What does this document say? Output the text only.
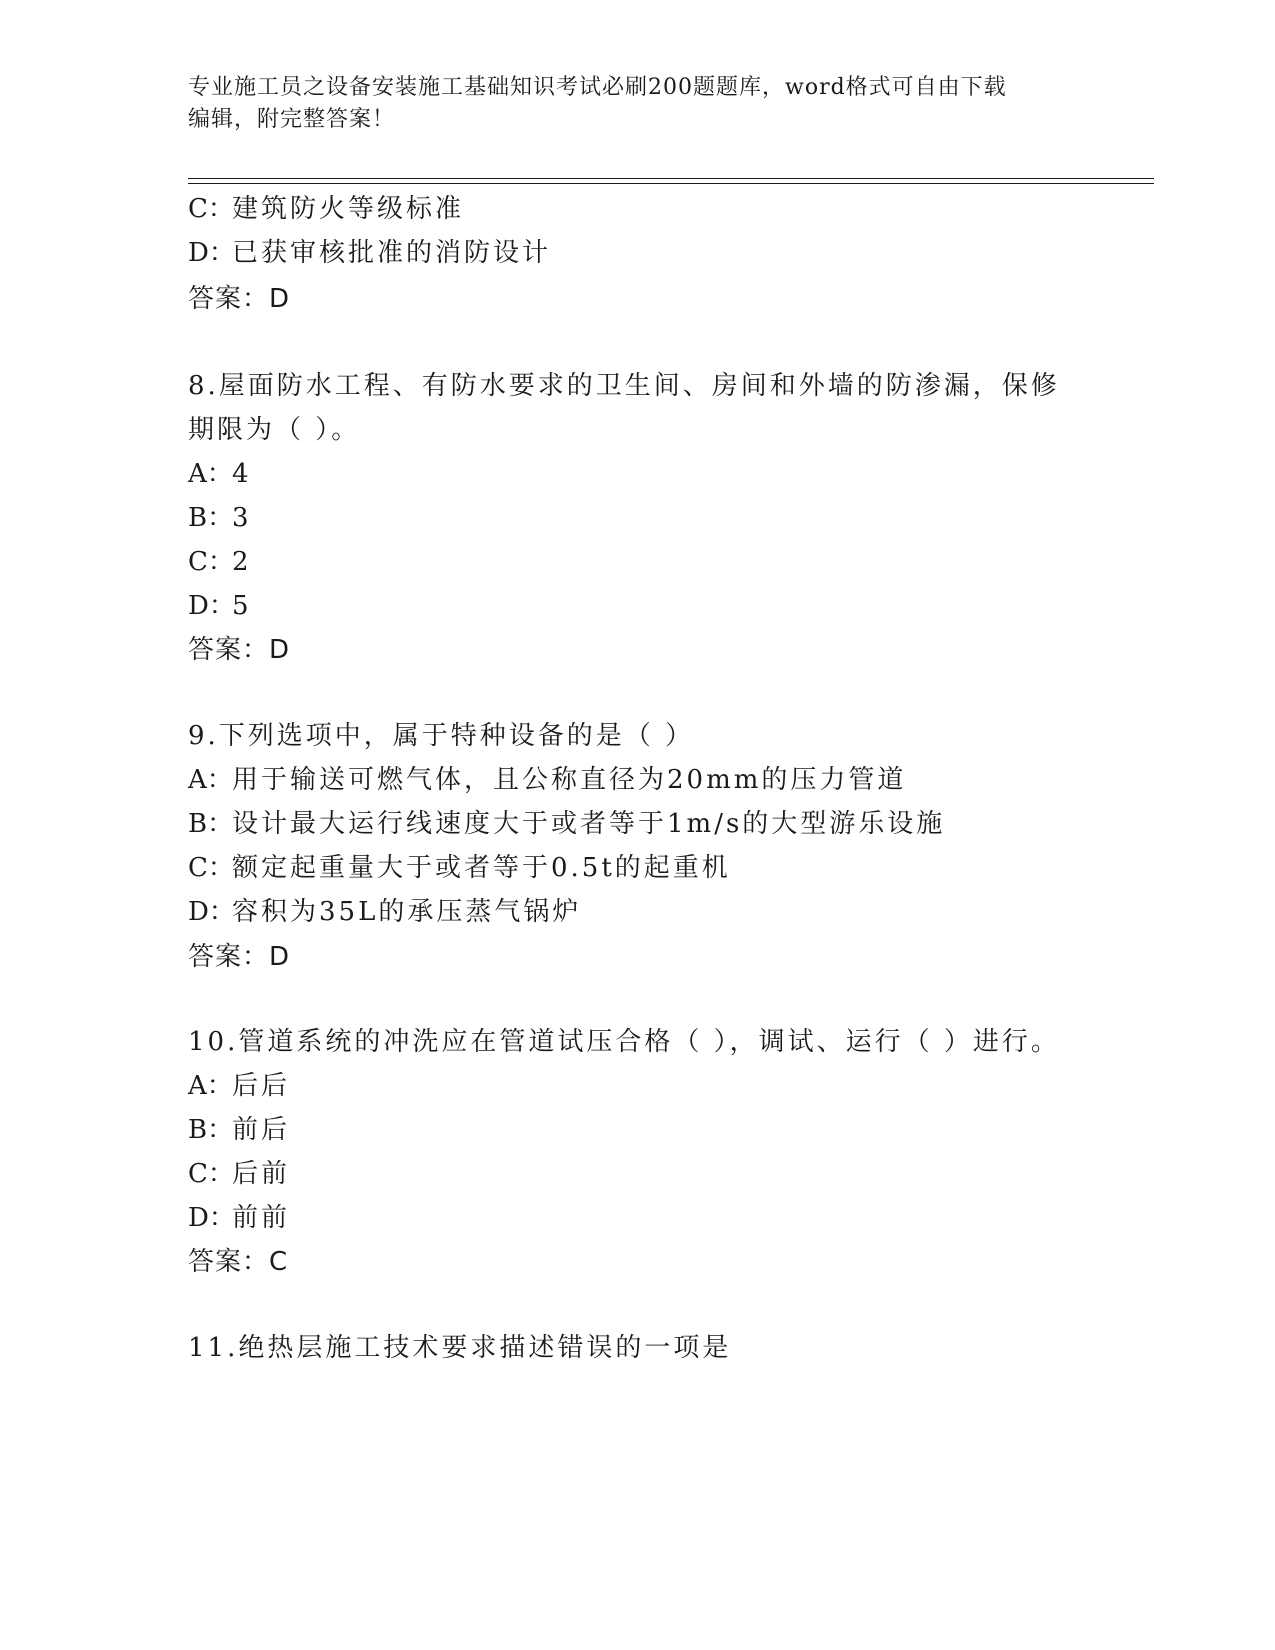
专业施工员之设备安装施工基础知识考试必刷200题题库，word格式可自由下载
编辑，附完整答案！
C：建筑防火等级标准
D：已获审核批准的消防设计
答案：D
8.屋面防水工程、有防水要求的卫生间、房间和外墙的防渗漏，保修
期限为（ ）。
A：4
B：3
C：2
D：5
答案：D
9.下列选项中，属于特种设备的是（ ）
A：用于输送可燃气体，且公称直径为20mm的压力管道
B：设计最大运行线速度大于或者等于1m/s的大型游乐设施
C：额定起重量大于或者等于0.5t的起重机
D：容积为35L的承压蒸气锅炉
答案：D
10.管道系统的冲洗应在管道试压合格（ ），调试、运行（ ）进行。
A：后后
B：前后
C：后前
D：前前
答案：C
11.绝热层施工技术要求描述错误的一项是
